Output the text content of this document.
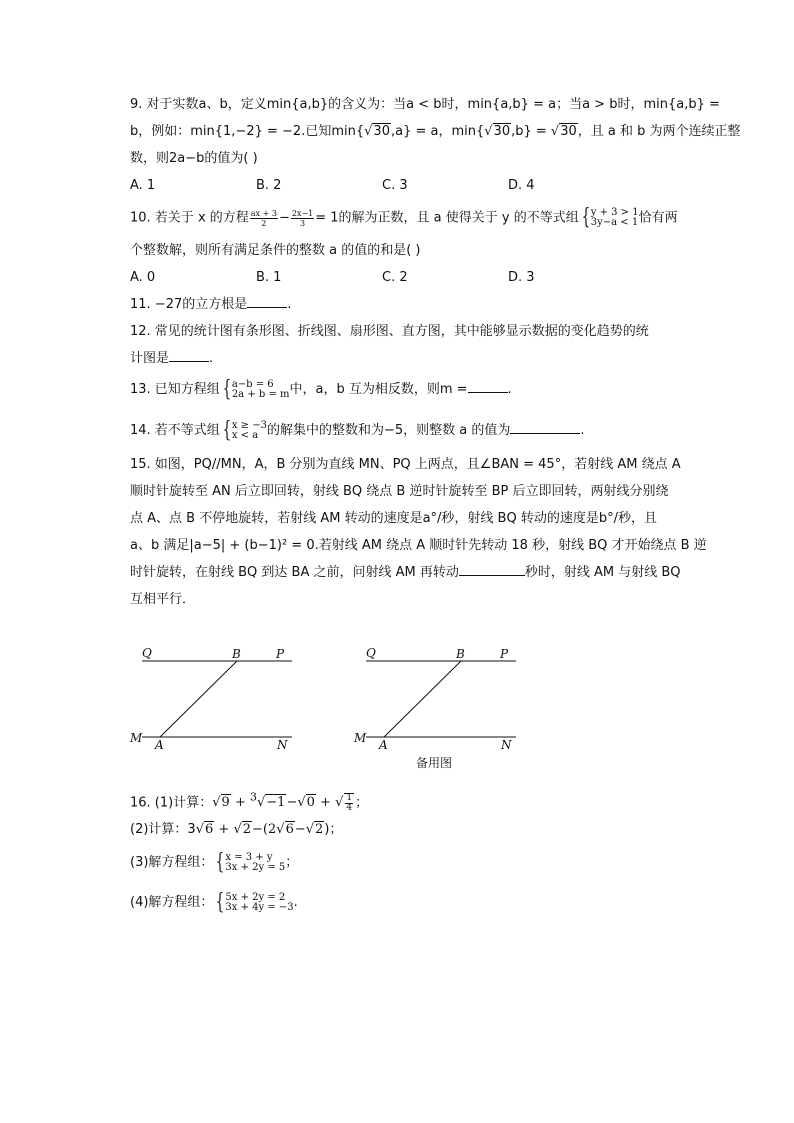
9. 对于实数a、b，定义min{a,b}的含义为：当a < b时，min{a,b} = a；当a > b时，min{a,b} =
b，例如：min{1,−2} = −2.已知min{√30,a} = a，min{√30,b} = √30，且 a 和 b 为两个连续正整
数，则2a−b的值为( )
A. 1	B. 2	C. 3	D. 4
10. 若关于 x 的方程 $\frac{ax + 3}{2} - \frac{2x-1}{3} = 1$的解为正数，且 a 使得关于 y 的不等式组 { y + 3 > 1
3y−a < 1 恰有两
个整数解，则所有满足条件的整数 a 的值的和是( )
A. 0	B. 1	C. 2	D. 3
11. −27的立方根是	.
12. 常见的统计图有条形图、折线图、扇形图、直方图，其中能够显示数据的变化趋势的统
计图是	.
13. 已知方程组 { a−b = 6
2a + b = m 中，a，b 互为相反数，则m =	.
14. 若不等式组 { x ≥ −3
x < a 的解集中的整数和为−5，则整数 a 的值为	.
15. 如图，PQ//MN，A，B 分别为直线 MN、PQ 上两点，且∠BAN = 45°，若射线 AM 绕点 A
顺时针旋转至 AN 后立即回转，射线 BQ 绕点 B 逆时针旋转至 BP 后立即回转，两射线分别绕
点 A、点 B 不停地旋转，若射线 AM 转动的速度是a°/秒，射线 BQ 转动的速度是b°/秒，且
a、b 满足|a−5| + (b−1)² = 0.若射线 AM 绕点 A 顺时针先转动 18 秒，射线 BQ 才开始绕点 B 逆
时针旋转，在射线 BQ 到达 BA 之前，问射线 AM 再转动	秒时，射线 AM 与射线 BQ
互相平行．
Q	B	P
M A	N
Q	B	P
M A	N
备用图
16. (1)计算：√9 + $^3$√−1−√0 + √ $\frac{1}{4}$ ；
(2)计算：3√6 + √2−(2√6−√2)；
(3)解方程组： { x = 3 + y
3x + 2y = 5 ；
(4)解方程组： { 5x + 2y = 2
3x + 4y = −3 .
